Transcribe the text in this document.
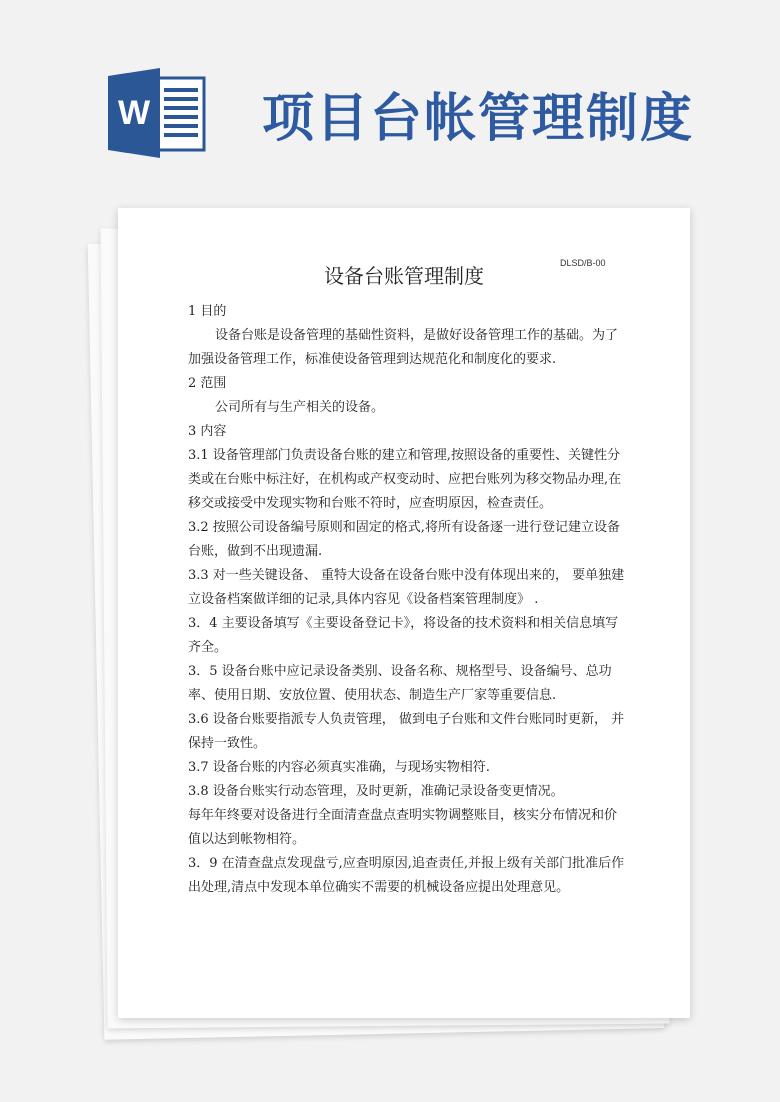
W 项目台帐管理制度
DLSD/B-00
设备台账管理制度

1 目的

设备台账是设备管理的基础性资料，是做好设备管理工作的基础。为了加强设备管理工作，标准使设备管理到达规范化和制度化的要求.

2 范围

公司所有与生产相关的设备。

3 内容

3.1 设备管理部门负责设备台账的建立和管理,按照设备的重要性、关键性分类或在台账中标注好，在机构或产权变动时、应把台账列为移交物品办理,在移交或接受中发现实物和台账不符时，应查明原因，检查责任。

3.2 按照公司设备编号原则和固定的格式,将所有设备逐一进行登记建立设备台账，做到不出现遗漏.

3.3 对一些关键设备、 重特大设备在设备台账中没有体现出来的， 要单独建立设备档案做详细的记录,具体内容见《设备档案管理制度》 .

3．4 主要设备填写《主要设备登记卡》，将设备的技术资料和相关信息填写齐全。

3．5 设备台账中应记录设备类别、设备名称、规格型号、设备编号、总功率、使用日期、安放位置、使用状态、制造生产厂家等重要信息.

3.6 设备台账要指派专人负责管理， 做到电子台账和文件台账同时更新， 并保持一致性。

3.7 设备台账的内容必须真实准确，与现场实物相符.

3.8 设备台账实行动态管理，及时更新，准确记录设备变更情况。

每年年终要对设备进行全面清查盘点查明实物调整账目，核实分布情况和价值以达到帐物相符。

3．9 在清查盘点发现盘亏,应查明原因,追查责任,并报上级有关部门批准后作出处理,清点中发现本单位确实不需要的机械设备应提出处理意见。
